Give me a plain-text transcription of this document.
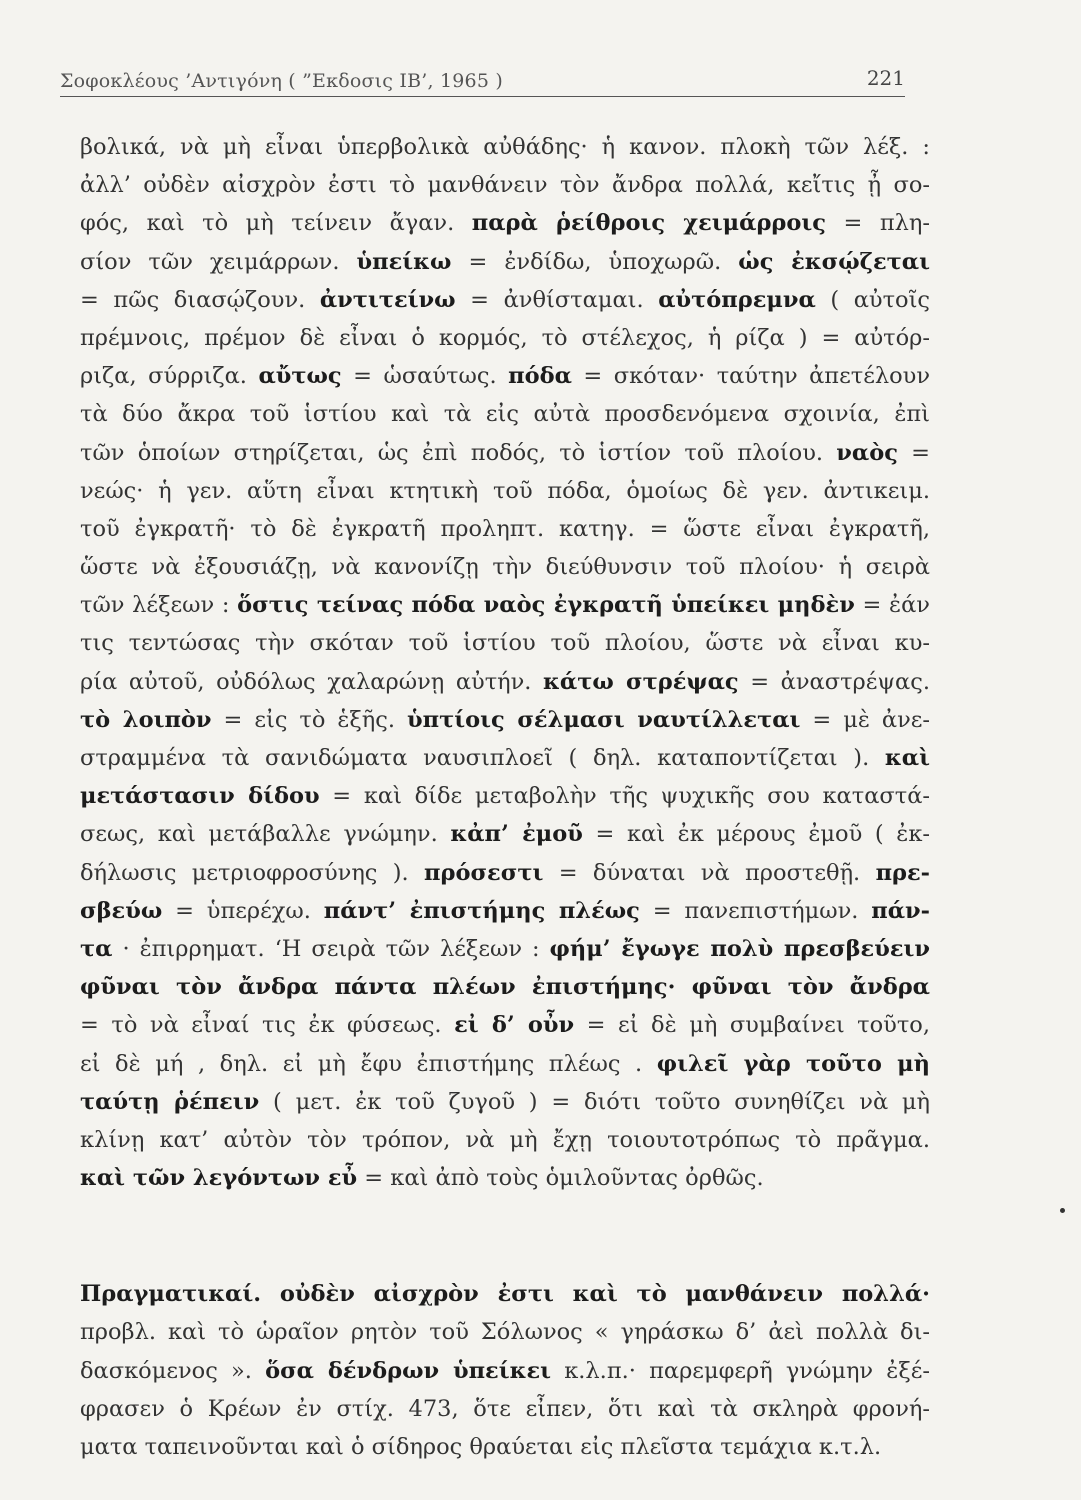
Σοφοκλέους ’Αντιγόνη ( ”Εκδοσις ΙΒ’, 1965 )	221
βολικά, νὰ μὴ εἶναι ὑπερβολικὰ αὐθάδης· ἡ κανον. πλοκὴ τῶν λέξ. :
ἀλλ’ οὐδὲν αἰσχρὸν ἐστι τὸ μανθάνειν τὸν ἄνδρα πολλά, κεἴτις ᾖ σο-
φός, καὶ τὸ μὴ τείνειν ἄγαν. παρὰ ῥείθροις χειμάρροις = πλη-
σίον τῶν χειμάρρων. ὑπείκω = ἐνδίδω, ὑποχωρῶ. ὡς ἐκσῴζεται
= πῶς διασῴζουν. ἀντιτείνω = ἀνθίσταμαι. αὐτόπρεμνα ( αὐτοῖς
πρέμνοις, πρέμον δὲ εἶναι ὁ κορμός, τὸ στέλεχος, ἡ ρίζα ) = αὐτόρ-
ριζα, σύρριζα. αὔτως = ὡσαύτως. πόδα = σκόταν· ταύτην ἀπετέλουν
τὰ δύο ἄκρα τοῦ ἱστίου καὶ τὰ εἰς αὐτὰ προσδενόμενα σχοινία, ἐπὶ
τῶν ὁποίων στηρίζεται, ὡς ἐπὶ ποδός, τὸ ἱστίον τοῦ πλοίου. ναὸς =
νεώς· ἡ γεν. αὕτη εἶναι κτητικὴ τοῦ πόδα, ὁμοίως δὲ γεν. ἀντικειμ.
τοῦ ἐγκρατῆ· τὸ δὲ ἐγκρατῆ προληπτ. κατηγ. = ὥστε εἶναι ἐγκρατῆ,
ὥστε νὰ ἐξουσιάζῃ, νὰ κανονίζῃ τὴν διεύθυνσιν τοῦ πλοίου· ἡ σειρὰ
τῶν λέξεων : ὅστις τείνας πόδα ναὸς ἐγκρατῆ ὑπείκει μηδὲν = ἐάν
τις τεντώσας τὴν σκόταν τοῦ ἱστίου τοῦ πλοίου, ὥστε νὰ εἶναι κυ-
ρία αὐτοῦ, οὐδόλως χαλαρώνῃ αὐτήν. κάτω στρέψας = ἀναστρέψας.
τὸ λοιπὸν = εἰς τὸ ἑξῆς. ὑπτίοις σέλμασι ναυτίλλεται = μὲ ἀνε-
στραμμένα τὰ σανιδώματα ναυσιπλοεῖ ( δηλ. καταποντίζεται ). καὶ
μετάστασιν δίδου = καὶ δίδε μεταβολὴν τῆς ψυχικῆς σου καταστά-
σεως, καὶ μετάβαλλε γνώμην. κἀπ’ ἐμοῦ = καὶ ἐκ μέρους ἐμοῦ ( ἐκ-
δήλωσις μετριοφροσύνης ). πρόσεστι = δύναται νὰ προστεθῇ. πρε-
σβεύω = ὑπερέχω. πάντ’ ἐπιστήμης πλέως = πανεπιστήμων. πάν-
τα · ἐπιρρηματ. ‘Η σειρὰ τῶν λέξεων : φήμ’ ἔγωγε πολὺ πρεσβεύειν
φῦναι τὸν ἄνδρα πάντα πλέων ἐπιστήμης· φῦναι τὸν ἄνδρα
= τὸ νὰ εἶναί τις ἐκ φύσεως. εἰ δ’ οὖν = εἰ δὲ μὴ συμβαίνει τοῦτο,
εἰ δὲ μή , δηλ. εἰ μὴ ἔφυ ἐπιστήμης πλέως . φιλεῖ γὰρ τοῦτο μὴ
ταύτῃ ῥέπειν ( μετ. ἐκ τοῦ ζυγοῦ ) = διότι τοῦτο συνηθίζει νὰ μὴ
κλίνῃ κατ’ αὐτὸν τὸν τρόπον, νὰ μὴ ἔχῃ τοιουτοτρόπως τὸ πρᾶγμα.
καὶ τῶν λεγόντων εὖ = καὶ ἀπὸ τοὺς ὁμιλοῦντας ὀρθῶς.
Πραγματικαί. οὐδὲν αἰσχρὸν ἐστι καὶ τὸ μανθάνειν πολλά·
προβλ. καὶ τὸ ὡραῖον ρητὸν τοῦ Σόλωνος « γηράσκω δ’ ἀεὶ πολλὰ δι-
δασκόμενος ». ὅσα δένδρων ὑπείκει κ.λ.π.· παρεμφερῆ γνώμην ἐξέ-
φρασεν ὁ Κρέων ἐν στίχ. 473, ὅτε εἶπεν, ὅτι καὶ τὰ σκληρὰ φρονή-
ματα ταπεινοῦνται καὶ ὁ σίδηρος θραύεται εἰς πλεῖστα τεμάχια κ.τ.λ.
